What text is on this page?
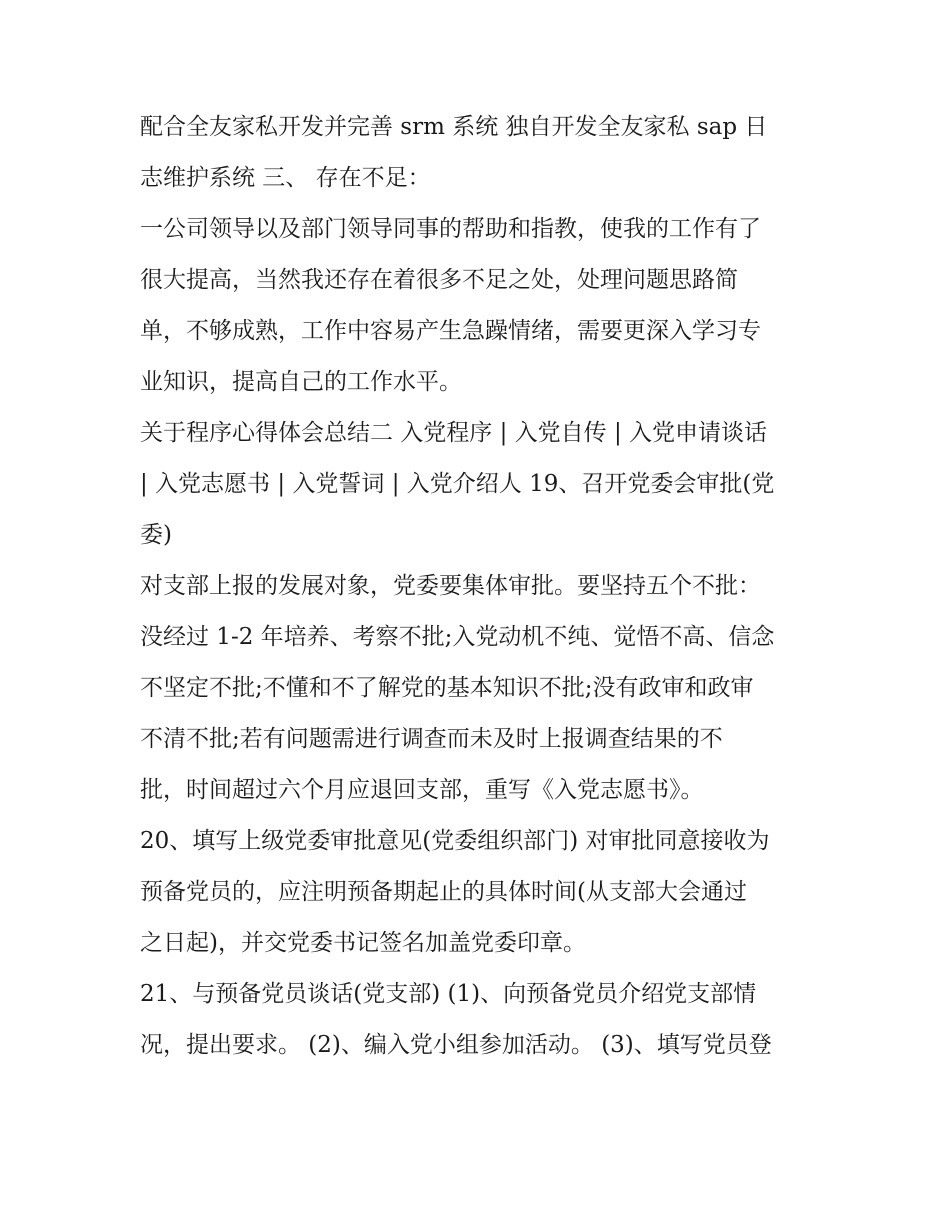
配合全友家私开发并完善 srm 系统 独自开发全友家私 sap 日
志维护系统 三、 存在不足：
一公司领导以及部门领导同事的帮助和指教，使我的工作有了
很大提高，当然我还存在着很多不足之处，处理问题思路简
单，不够成熟，工作中容易产生急躁情绪，需要更深入学习专
业知识，提高自己的工作水平。
关于程序心得体会总结二 入党程序 | 入党自传 | 入党申请谈话
| 入党志愿书 | 入党誓词 | 入党介绍人 19、召开党委会审批(党
委)
对支部上报的发展对象，党委要集体审批。要坚持五个不批：
没经过 1-2 年培养、考察不批;入党动机不纯、觉悟不高、信念
不坚定不批;不懂和不了解党的基本知识不批;没有政审和政审
不清不批;若有问题需进行调查而未及时上报调查结果的不
批，时间超过六个月应退回支部，重写《入党志愿书》。
20、填写上级党委审批意见(党委组织部门) 对审批同意接收为
预备党员的，应注明预备期起止的具体时间(从支部大会通过
之日起)，并交党委书记签名加盖党委印章。
21、与预备党员谈话(党支部) (1)、向预备党员介绍党支部情
况，提出要求。 (2)、编入党小组参加活动。 (3)、填写党员登
